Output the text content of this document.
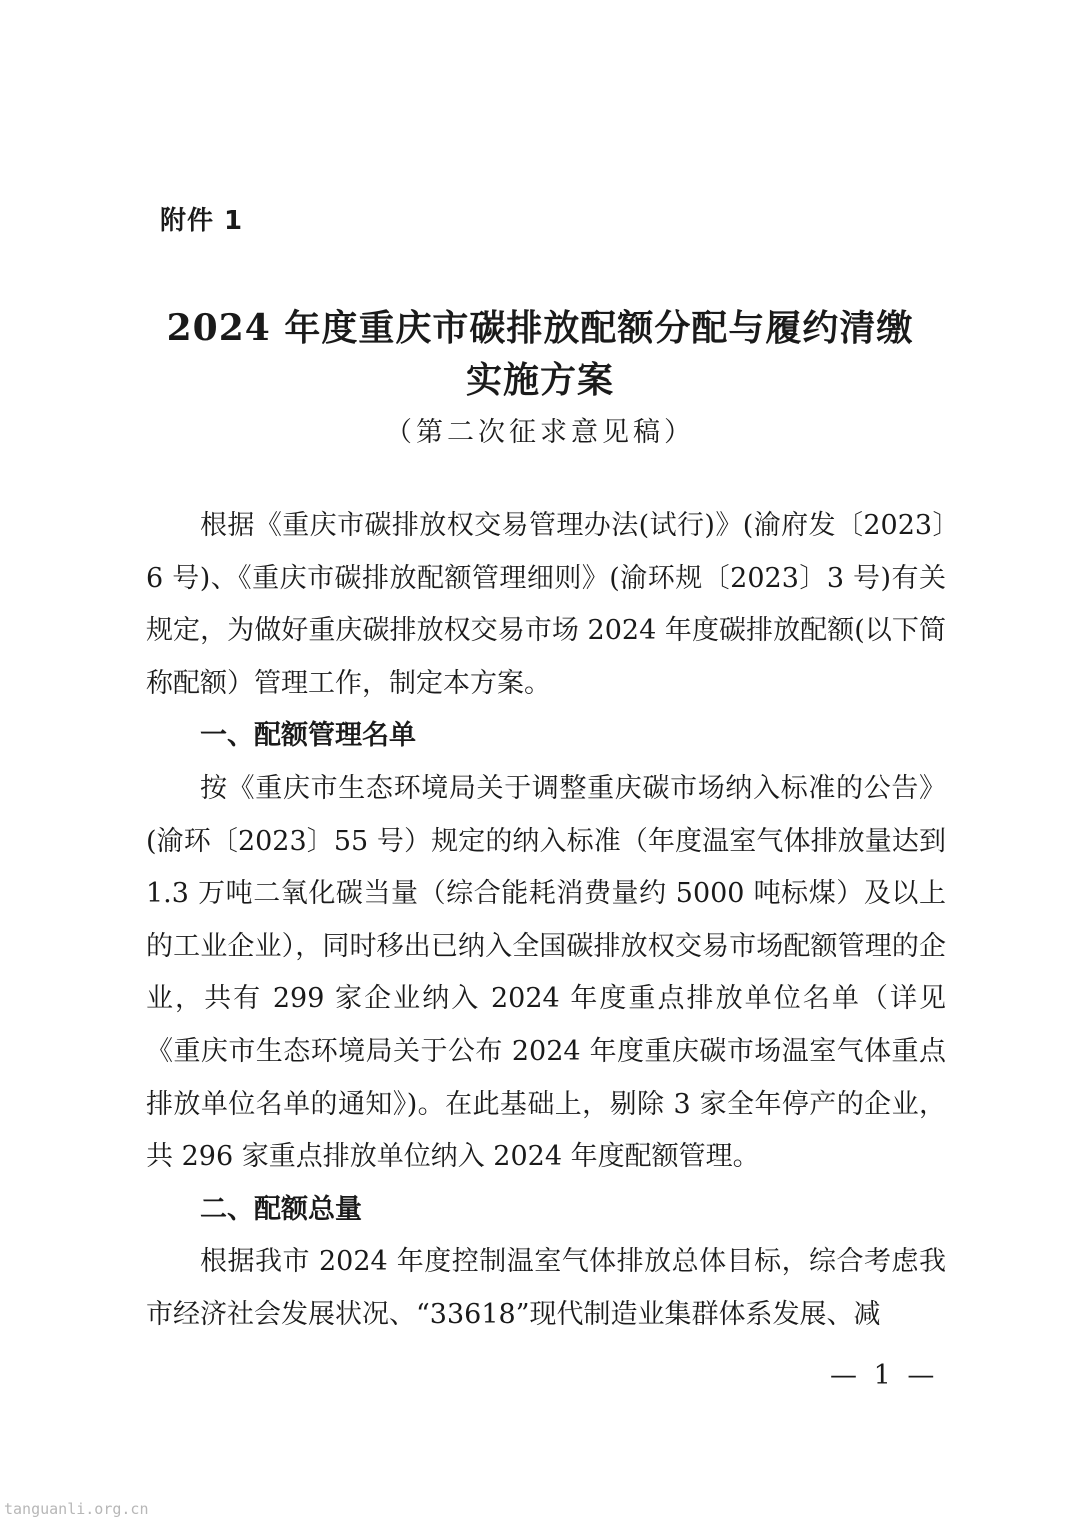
附件 1
2024 年度重庆市碳排放配额分配与履约清缴
实施方案
（第二次征求意见稿）

根据《重庆市碳排放权交易管理办法(试行)》(渝府发〔2023〕6 号)、《重庆市碳排放配额管理细则》(渝环规〔2023〕3 号)有关规定，为做好重庆碳排放权交易市场 2024 年度碳排放配额(以下简称配额）管理工作，制定本方案。

一、配额管理名单

按《重庆市生态环境局关于调整重庆碳市场纳入标准的公告》(渝环〔2023〕55 号）规定的纳入标准（年度温室气体排放量达到 1.3 万吨二氧化碳当量（综合能耗消费量约 5000 吨标煤）及以上的工业企业），同时移出已纳入全国碳排放权交易市场配额管理的企业，共有 299 家企业纳入 2024 年度重点排放单位名单（详见《重庆市生态环境局关于公布 2024 年度重庆碳市场温室气体重点排放单位名单的通知》)。在此基础上，剔除 3 家全年停产的企业，共 296 家重点排放单位纳入 2024 年度配额管理。

二、配额总量

根据我市 2024 年度控制温室气体排放总体目标，综合考虑我市经济社会发展状况、“33618”现代制造业集群体系发展、减

— 1 —
tanguanli.org.cn
